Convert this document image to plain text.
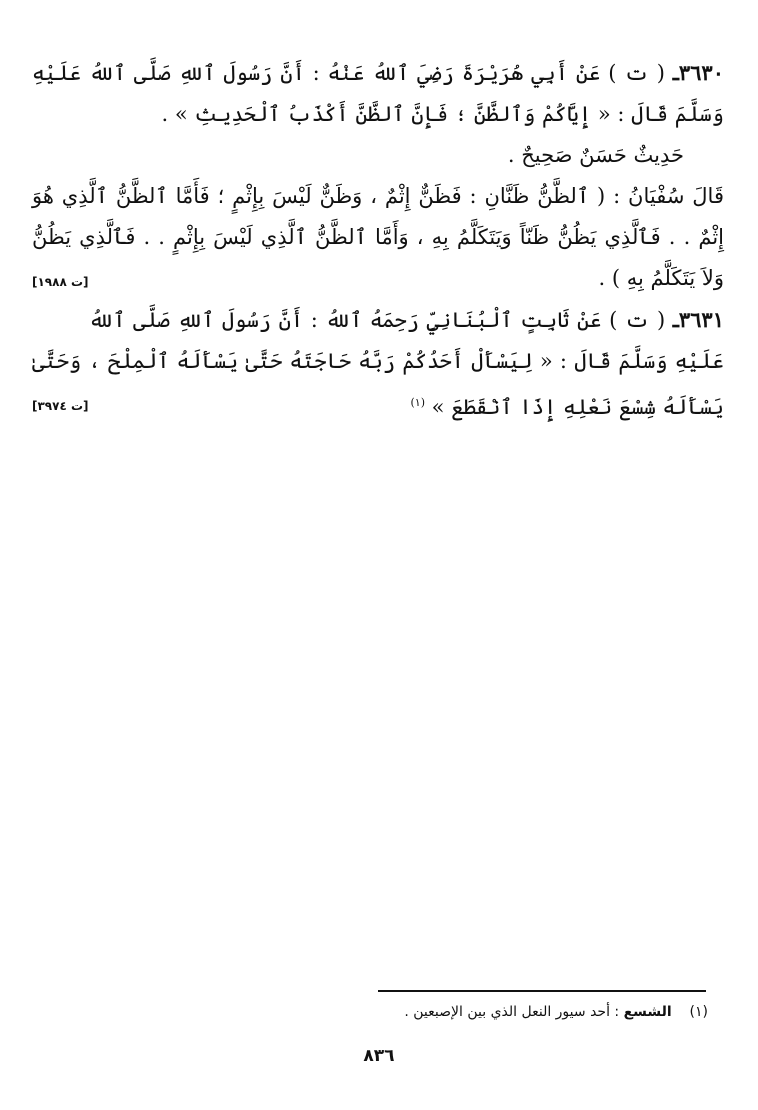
٣٦٣٠ـ ( ت ) عَنْ أَبِي هُرَيْرَةَ رَضِيَ ٱللهُ عَنْهُ : أَنَّ رَسُولَ ٱللهِ صَلَّى ٱللهُ عَلَيْهِ وَسَلَّمَ قَالَ : « إِيَّاكُمْ وَٱلظَّنَّ ؛ فَإِنَّ ٱلظَّنَّ أَكْذَبُ ٱلْحَدِيثِ » .

حَدِيثٌ حَسَنٌ صَحِيحٌ .

قَالَ سُفْيَانُ : ( ٱلظَّنُّ ظَنَّانِ : فَظَنٌّ إِثْمٌ ، وَظَنٌّ لَيْسَ بِإِثْمٍ ؛ فَأَمَّا ٱلظَّنُّ ٱلَّذِي هُوَ إِثْمٌ . . فَٱلَّذِي يَظُنُّ ظَنّاً وَيَتَكَلَّمُ بِهِ ، وَأَمَّا ٱلظَّنُّ ٱلَّذِي لَيْسَ بِإِثْمٍ . . فَٱلَّذِي يَظُنُّ وَلاَ يَتَكَلَّمُ بِهِ ) .
[ت ١٩٨٨]

٣٦٣١ـ ( ت ) عَنْ ثَابِتٍ ٱلْبُنَانِيِّ رَحِمَهُ ٱللهُ : أَنَّ رَسُولَ ٱللهِ صَلَّى ٱللهُ عَلَيْهِ وَسَلَّمَ قَالَ : « لِيَسْأَلْ أَحَدُكُمْ رَبَّهُ حَاجَتَهُ حَتَّىٰ يَسْأَلَهُ ٱلْمِلْحَ ، وَحَتَّىٰ يَسْأَلَهُ شِسْعَ نَعْلِهِ إِذَا ٱنْقَطَعَ » $^{(١)}$
[ت ٣٩٧٤]

(١)    الشسع : أحد سيور النعل الذي بين الإصبعين .
٨٣٦
